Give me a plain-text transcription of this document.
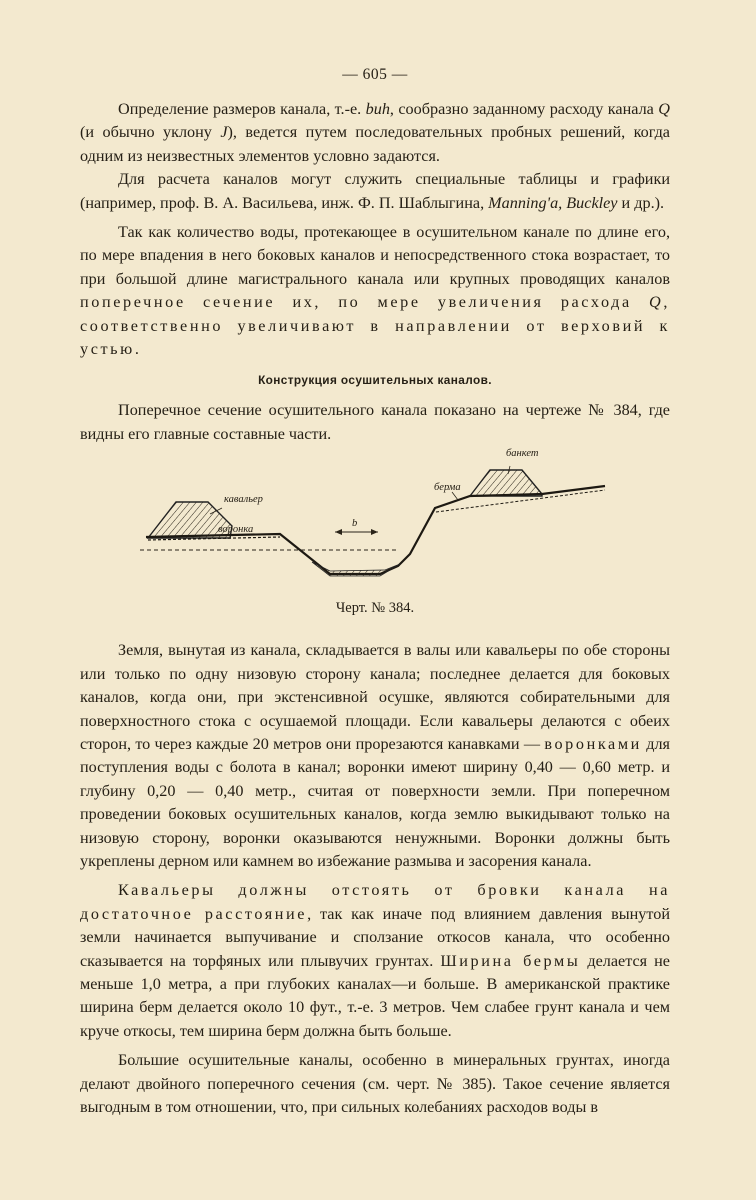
— 605 —

Определение размеров канала, т.-е. bиh, сообразно заданному расходу канала Q (и обычно уклону J), ведется путем последовательных пробных решений, когда одним из неизвестных элементов условно задаются.

Для расчета каналов могут служить специальные таблицы и графики (например, проф. В. А. Васильева, инж. Ф. П. Шаблыгина, Manning'a, Buckley и др.).

Так как количество воды, протекающее в осушительном канале по длине его, по мере впадения в него боковых каналов и непосредственного стока возрастает, то при большой длине магистрального канала или крупных проводящих каналов поперечное сечение их, по мере увеличения расхода Q, соответственно увеличивают в направлении от верховий к устью.

Конструкция осушительных каналов.

Поперечное сечение осушительного канала показано на чертеже № 384, где видны его главные составные части.

банкет
берма
кавальер
воронка
b
Черт. № 384.

Земля, вынутая из канала, складывается в валы или кавальеры по обе стороны или только по одну низовую сторону канала; последнее делается для боковых каналов, когда они, при экстенсивной осушке, являются собирательными для поверхностного стока с осушаемой площади. Если кавальеры делаются с обеих сторон, то через каждые 20 метров они прорезаются канавками — воронками для поступления воды с болота в канал; воронки имеют ширину 0,40 — 0,60 метр. и глубину 0,20 — 0,40 метр., считая от поверхности земли. При поперечном проведении боковых осушительных каналов, когда землю выкидывают только на низовую сторону, воронки оказываются ненужными. Воронки должны быть укреплены дерном или камнем во избежание размыва и засорения канала.

Кавальеры должны отстоять от бровки канала на достаточное расстояние, так как иначе под влиянием давления вынутой земли начинается выпучивание и сползание откосов канала, что особенно сказывается на торфяных или плывучих грунтах. Ширина бермы делается не меньше 1,0 метра, а при глубоких каналах—и больше. В американской практике ширина берм делается около 10 фут., т.-е. 3 метров. Чем слабее грунт канала и чем круче откосы, тем ширина берм должна быть больше.

Большие осушительные каналы, особенно в минеральных грунтах, иногда делают двойного поперечного сечения (см. черт. № 385). Такое сечение является выгодным в том отношении, что, при сильных колебаниях расходов воды в
